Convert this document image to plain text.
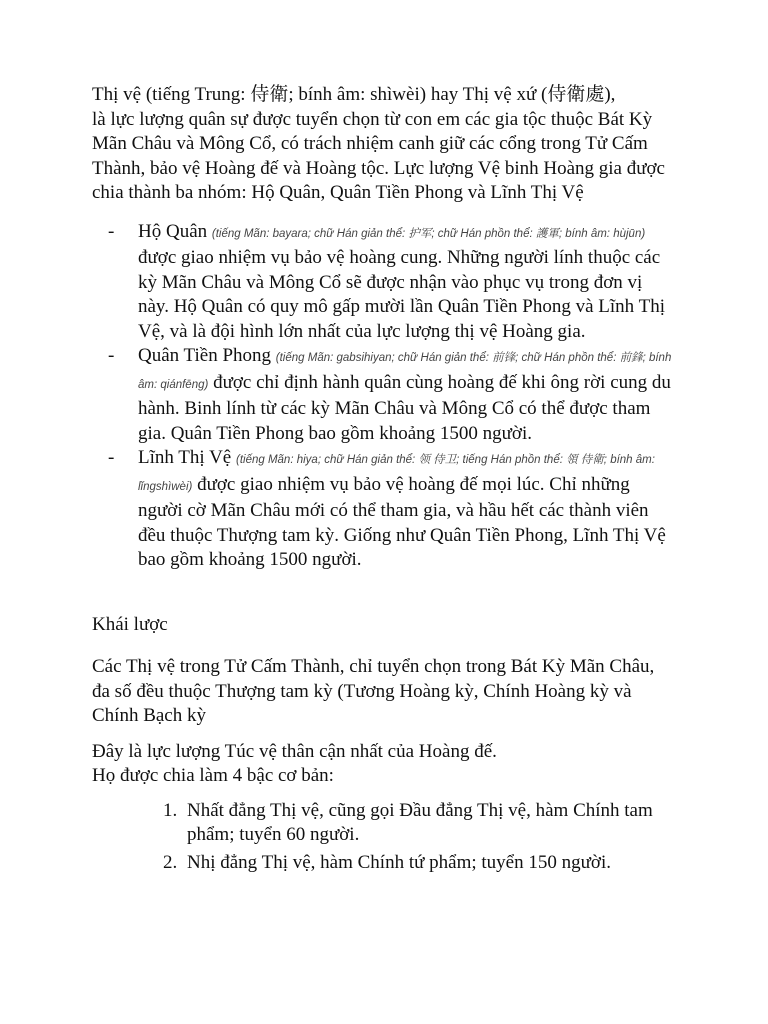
Thị vệ (tiếng Trung: 侍衛; bính âm: shìwèi) hay Thị vệ xứ (侍衛處),

là lực lượng quân sự được tuyển chọn từ con em các gia tộc thuộc Bát Kỳ Mãn Châu và Mông Cổ, có trách nhiệm canh giữ các cổng trong Tử Cấm Thành, bảo vệ Hoàng đế và Hoàng tộc. Lực lượng Vệ binh Hoàng gia được chia thành ba nhóm: Hộ Quân, Quân Tiền Phong và Lĩnh Thị Vệ

- Hộ Quân (tiếng Mãn: bayara; chữ Hán giản thể: 护军; chữ Hán phồn thể: 護軍; bính âm: hùjūn) được giao nhiệm vụ bảo vệ hoàng cung. Những người lính thuộc các kỳ Mãn Châu và Mông Cổ sẽ được nhận vào phục vụ trong đơn vị này. Hộ Quân có quy mô gấp mười lần Quân Tiền Phong và Lĩnh Thị Vệ, và là đội hình lớn nhất của lực lượng thị vệ Hoàng gia.
- Quân Tiền Phong (tiếng Mãn: gabsihiyan; chữ Hán giản thể: 前锋; chữ Hán phồn thể: 前鋒; bính âm: qiánfēng) được chỉ định hành quân cùng hoàng đế khi ông rời cung du hành. Binh lính từ các kỳ Mãn Châu và Mông Cổ có thể được tham gia. Quân Tiền Phong bao gồm khoảng 1500 người.
- Lĩnh Thị Vệ (tiếng Mãn: hiya; chữ Hán giản thể: 领 侍卫; tiếng Hán phồn thể: 領 侍衛; bính âm: lǐngshìwèi) được giao nhiệm vụ bảo vệ hoàng đế mọi lúc. Chỉ những người cờ Mãn Châu mới có thể tham gia, và hầu hết các thành viên đều thuộc Thượng tam kỳ. Giống như Quân Tiền Phong, Lĩnh Thị Vệ bao gồm khoảng 1500 người.

Khái lược

Các Thị vệ trong Tử Cấm Thành, chỉ tuyển chọn trong Bát Kỳ Mãn Châu, đa số đều thuộc Thượng tam kỳ (Tương Hoàng kỳ, Chính Hoàng kỳ và Chính Bạch kỳ

Đây là lực lượng Túc vệ thân cận nhất của Hoàng đế.

Họ được chia làm 4 bậc cơ bản:

1. Nhất đẳng Thị vệ, cũng gọi Đầu đẳng Thị vệ, hàm Chính tam phẩm; tuyển 60 người.
2. Nhị đẳng Thị vệ, hàm Chính tứ phẩm; tuyển 150 người.
